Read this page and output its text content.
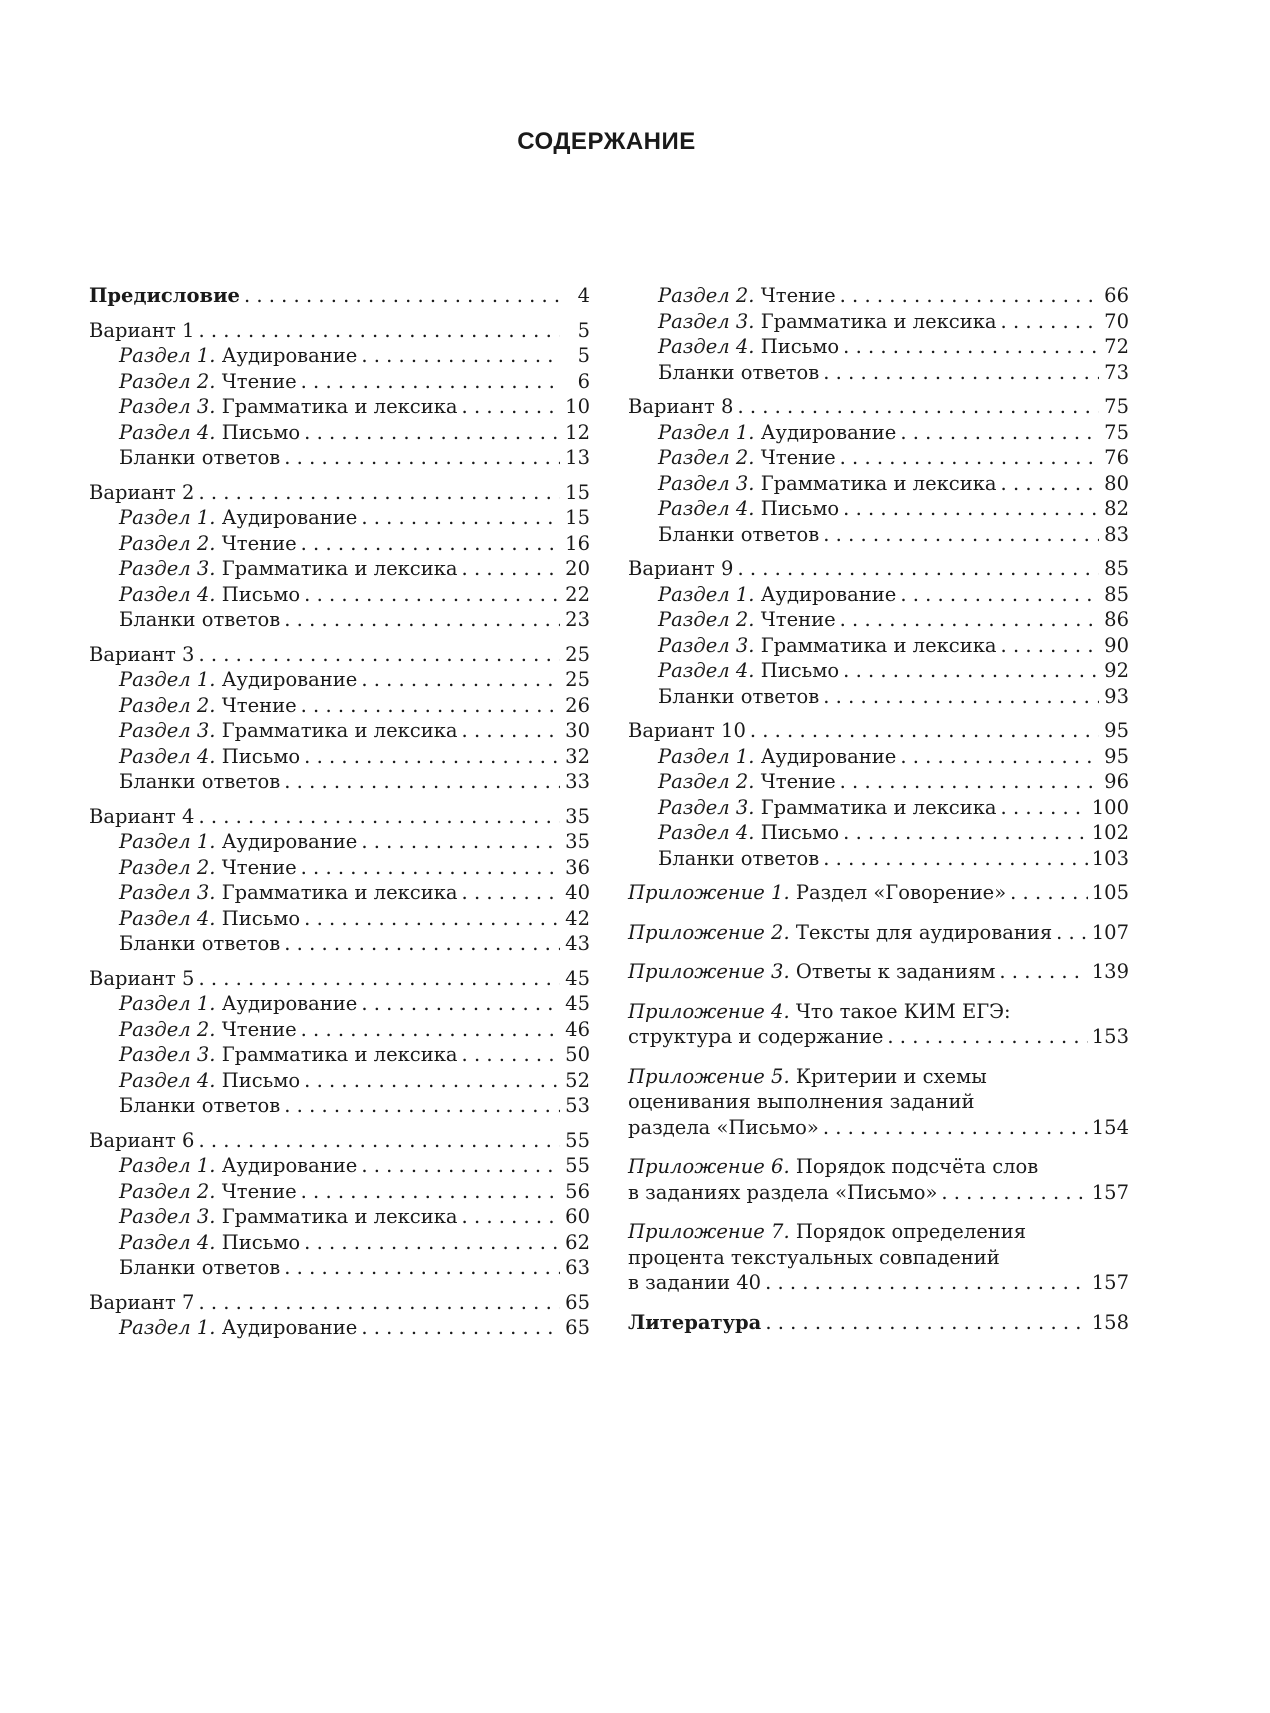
СОДЕРЖАНИЕ
Предисловие . . .	4
Вариант 1 . . .	5
Раздел 1. Аудирование . . .	5
Раздел 2. Чтение . . .	6
Раздел 3. Грамматика и лексика . . .	10
Раздел 4. Письмо . . .	12
Бланки ответов . . .	13
Вариант 2 . . .	15
Раздел 1. Аудирование . . .	15
Раздел 2. Чтение . . .	16
Раздел 3. Грамматика и лексика . . .	20
Раздел 4. Письмо . . .	22
Бланки ответов . . .	23
Вариант 3 . . .	25
Раздел 1. Аудирование . . .	25
Раздел 2. Чтение . . .	26
Раздел 3. Грамматика и лексика . . .	30
Раздел 4. Письмо . . .	32
Бланки ответов . . .	33
Вариант 4 . . .	35
Раздел 1. Аудирование . . .	35
Раздел 2. Чтение . . .	36
Раздел 3. Грамматика и лексика . . .	40
Раздел 4. Письмо . . .	42
Бланки ответов . . .	43
Вариант 5 . . .	45
Раздел 1. Аудирование . . .	45
Раздел 2. Чтение . . .	46
Раздел 3. Грамматика и лексика . . .	50
Раздел 4. Письмо . . .	52
Бланки ответов . . .	53
Вариант 6 . . .	55
Раздел 1. Аудирование . . .	55
Раздел 2. Чтение . . .	56
Раздел 3. Грамматика и лексика . . .	60
Раздел 4. Письмо . . .	62
Бланки ответов . . .	63
Вариант 7 . . .	65
Раздел 1. Аудирование . . .	65
Раздел 2. Чтение . . .	66
Раздел 3. Грамматика и лексика . . .	70
Раздел 4. Письмо . . .	72
Бланки ответов . . .	73
Вариант 8 . . .	75
Раздел 1. Аудирование . . .	75
Раздел 2. Чтение . . .	76
Раздел 3. Грамматика и лексика . . .	80
Раздел 4. Письмо . . .	82
Бланки ответов . . .	83
Вариант 9 . . .	85
Раздел 1. Аудирование . . .	85
Раздел 2. Чтение . . .	86
Раздел 3. Грамматика и лексика . . .	90
Раздел 4. Письмо . . .	92
Бланки ответов . . .	93
Вариант 10 . . .	95
Раздел 1. Аудирование . . .	95
Раздел 2. Чтение . . .	96
Раздел 3. Грамматика и лексика . . .	100
Раздел 4. Письмо . . .	102
Бланки ответов . . .	103
Приложение 1. Раздел «Говорение» . . .	105
Приложение 2. Тексты для аудирования . . . 107
Приложение 3. Ответы к заданиям . . .	139
Приложение 4. Что такое КИМ ЕГЭ:
структура и содержание . . .	153
Приложение 5. Критерии и схемы
оценивания выполнения заданий
раздела «Письмо» . . .	154
Приложение 6. Порядок подсчёта слов
в заданиях раздела «Письмо» . . .	157
Приложение 7. Порядок определения
процента текстуальных совпадений
в задании 40 . . .	157
Литература . . .	158
